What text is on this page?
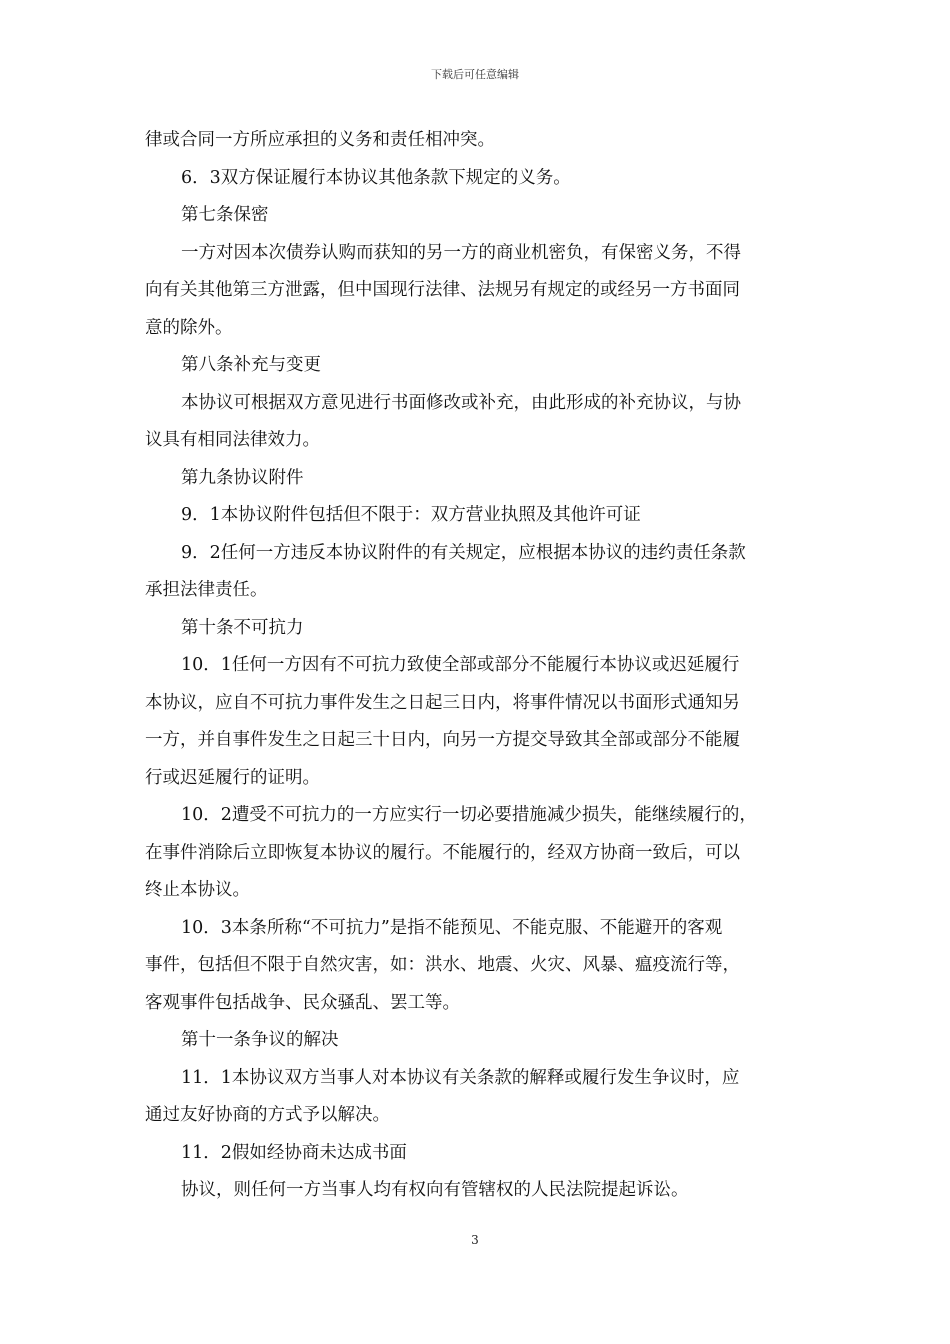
下载后可任意编辑
律或合同一方所应承担的义务和责任相冲突。
6．3双方保证履行本协议其他条款下规定的义务。
第七条保密
一方对因本次债券认购而获知的另一方的商业机密负，有保密义务，不得
向有关其他第三方泄露，但中国现行法律、法规另有规定的或经另一方书面同
意的除外。
第八条补充与变更
本协议可根据双方意见进行书面修改或补充，由此形成的补充协议，与协
议具有相同法律效力。
第九条协议附件
9．1本协议附件包括但不限于：双方营业执照及其他许可证
9．2任何一方违反本协议附件的有关规定，应根据本协议的违约责任条款
承担法律责任。
第十条不可抗力
10．1任何一方因有不可抗力致使全部或部分不能履行本协议或迟延履行
本协议，应自不可抗力事件发生之日起三日内，将事件情况以书面形式通知另
一方，并自事件发生之日起三十日内，向另一方提交导致其全部或部分不能履
行或迟延履行的证明。
10．2遭受不可抗力的一方应实行一切必要措施减少损失，能继续履行的，
在事件消除后立即恢复本协议的履行。不能履行的，经双方协商一致后，可以
终止本协议。
10．3本条所称“不可抗力”是指不能预见、不能克服、不能避开的客观
事件，包括但不限于自然灾害，如：洪水、地震、火灾、风暴、瘟疫流行等，
客观事件包括战争、民众骚乱、罢工等。
第十一条争议的解决
11．1本协议双方当事人对本协议有关条款的解释或履行发生争议时，应
通过友好协商的方式予以解决。
11．2假如经协商未达成书面
协议，则任何一方当事人均有权向有管辖权的人民法院提起诉讼。
3
